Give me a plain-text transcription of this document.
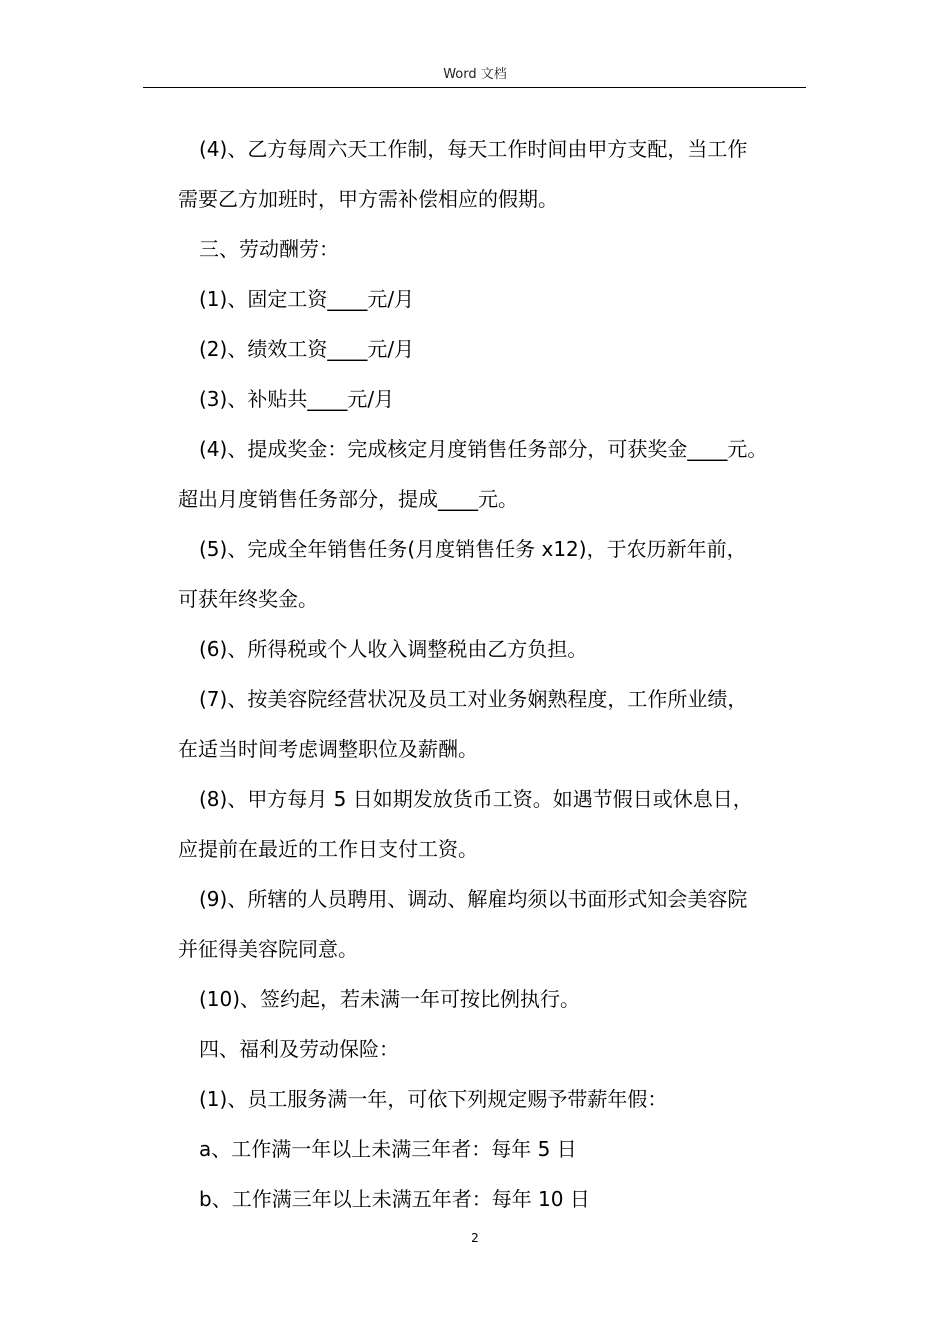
Word 文档

(4)、乙方每周六天工作制，每天工作时间由甲方支配，当工作

需要乙方加班时，甲方需补偿相应的假期。

三、劳动酬劳：

(1)、固定工资____元/月

(2)、绩效工资____元/月

(3)、补贴共____元/月

(4)、提成奖金：完成核定月度销售任务部分，可获奖金____元。

超出月度销售任务部分，提成____元。

(5)、完成全年销售任务(月度销售任务 x12)，于农历新年前，

可获年终奖金。

(6)、所得税或个人收入调整税由乙方负担。

(7)、按美容院经营状况及员工对业务娴熟程度，工作所业绩，

在适当时间考虑调整职位及薪酬。

(8)、甲方每月 5 日如期发放货币工资。如遇节假日或休息日，

应提前在最近的工作日支付工资。

(9)、所辖的人员聘用、调动、解雇均须以书面形式知会美容院

并征得美容院同意。

(10)、签约起，若未满一年可按比例执行。

四、福利及劳动保险：

(1)、员工服务满一年，可依下列规定赐予带薪年假：

a、工作满一年以上未满三年者：每年 5 日

b、工作满三年以上未满五年者：每年 10 日

2
